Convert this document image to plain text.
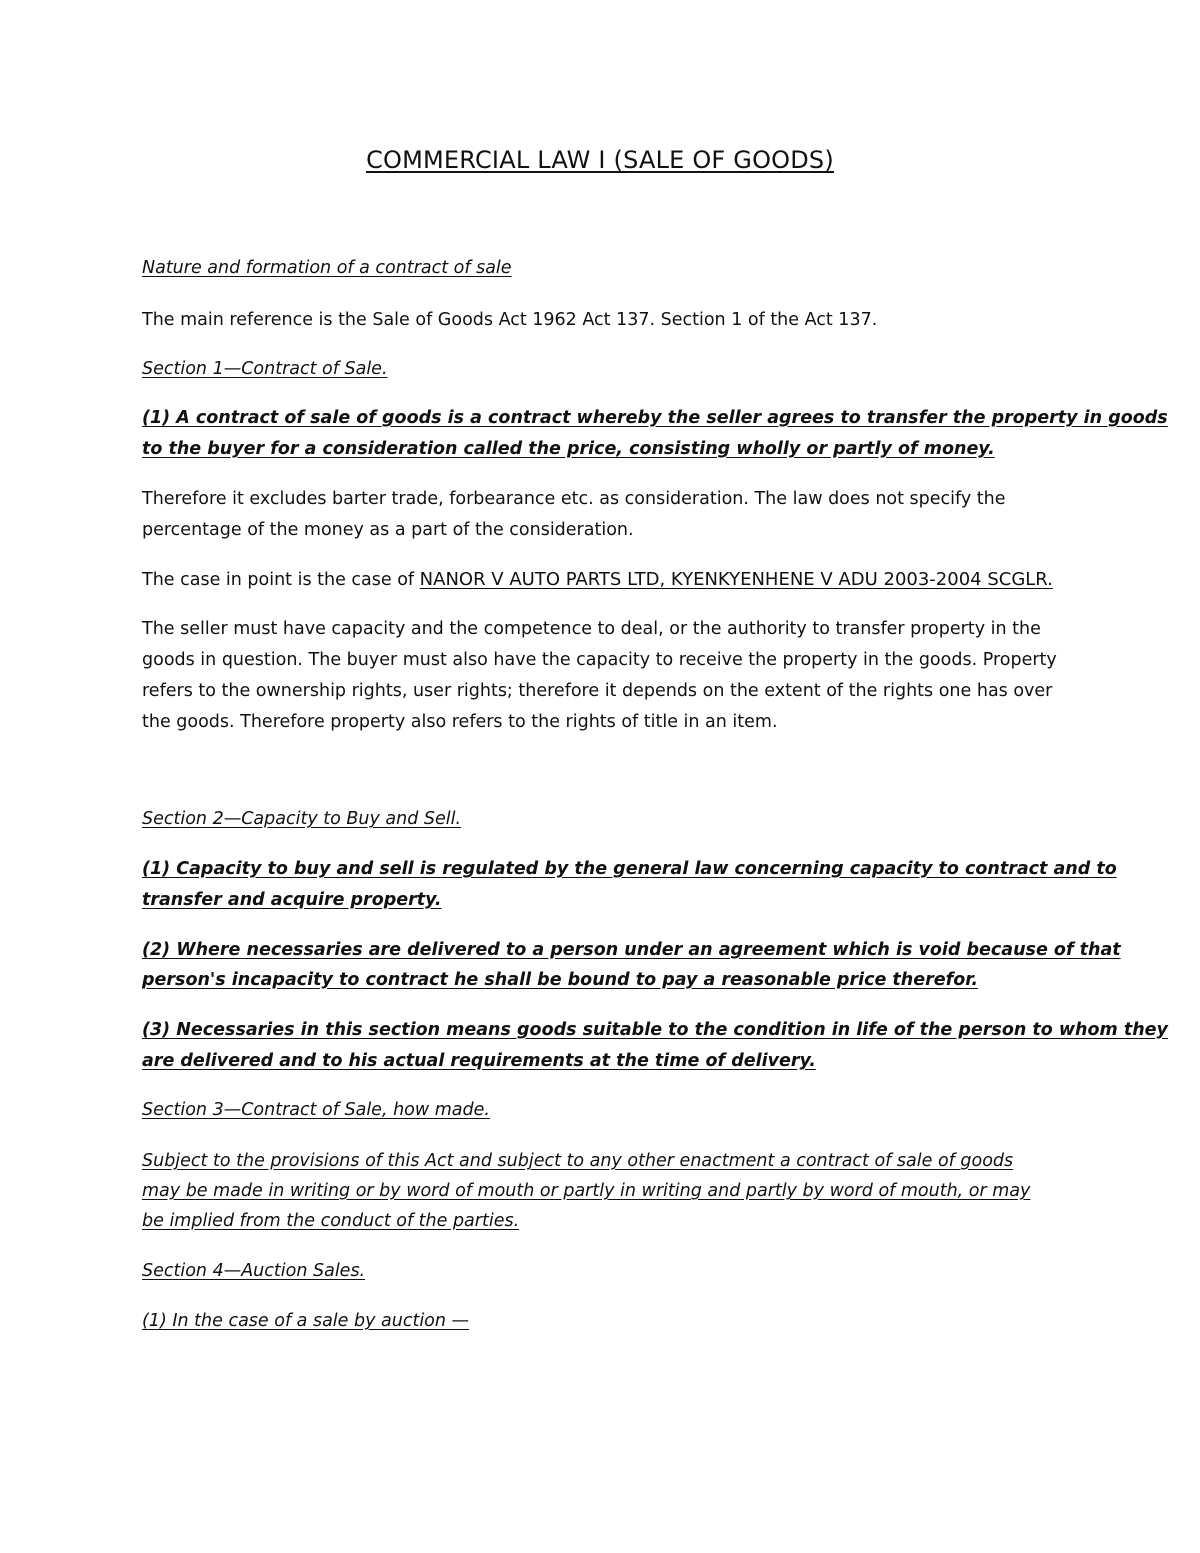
COMMERCIAL LAW I (SALE OF GOODS)
Nature and formation of a contract of sale
The main reference is the Sale of Goods Act 1962 Act 137. Section 1 of the Act 137.
Section 1—Contract of Sale.
(1) A contract of sale of goods is a contract whereby the seller agrees to transfer the property in goods
to the buyer for a consideration called the price, consisting wholly or partly of money.
Therefore it excludes barter trade, forbearance etc. as consideration. The law does not specify the
percentage of the money as a part of the consideration.
The case in point is the case of NANOR V AUTO PARTS LTD, KYENKYENHENE V ADU 2003-2004 SCGLR.
The seller must have capacity and the competence to deal, or the authority to transfer property in the
goods in question. The buyer must also have the capacity to receive the property in the goods. Property
refers to the ownership rights, user rights; therefore it depends on the extent of the rights one has over
the goods. Therefore property also refers to the rights of title in an item.
Section 2—Capacity to Buy and Sell.
(1) Capacity to buy and sell is regulated by the general law concerning capacity to contract and to
transfer and acquire property.
(2) Where necessaries are delivered to a person under an agreement which is void because of that
person's incapacity to contract he shall be bound to pay a reasonable price therefor.
(3) Necessaries in this section means goods suitable to the condition in life of the person to whom they
are delivered and to his actual requirements at the time of delivery.
Section 3—Contract of Sale, how made.
Subject to the provisions of this Act and subject to any other enactment a contract of sale of goods
may be made in writing or by word of mouth or partly in writing and partly by word of mouth, or may
be implied from the conduct of the parties.
Section 4—Auction Sales.
(1) In the case of a sale by auction —
